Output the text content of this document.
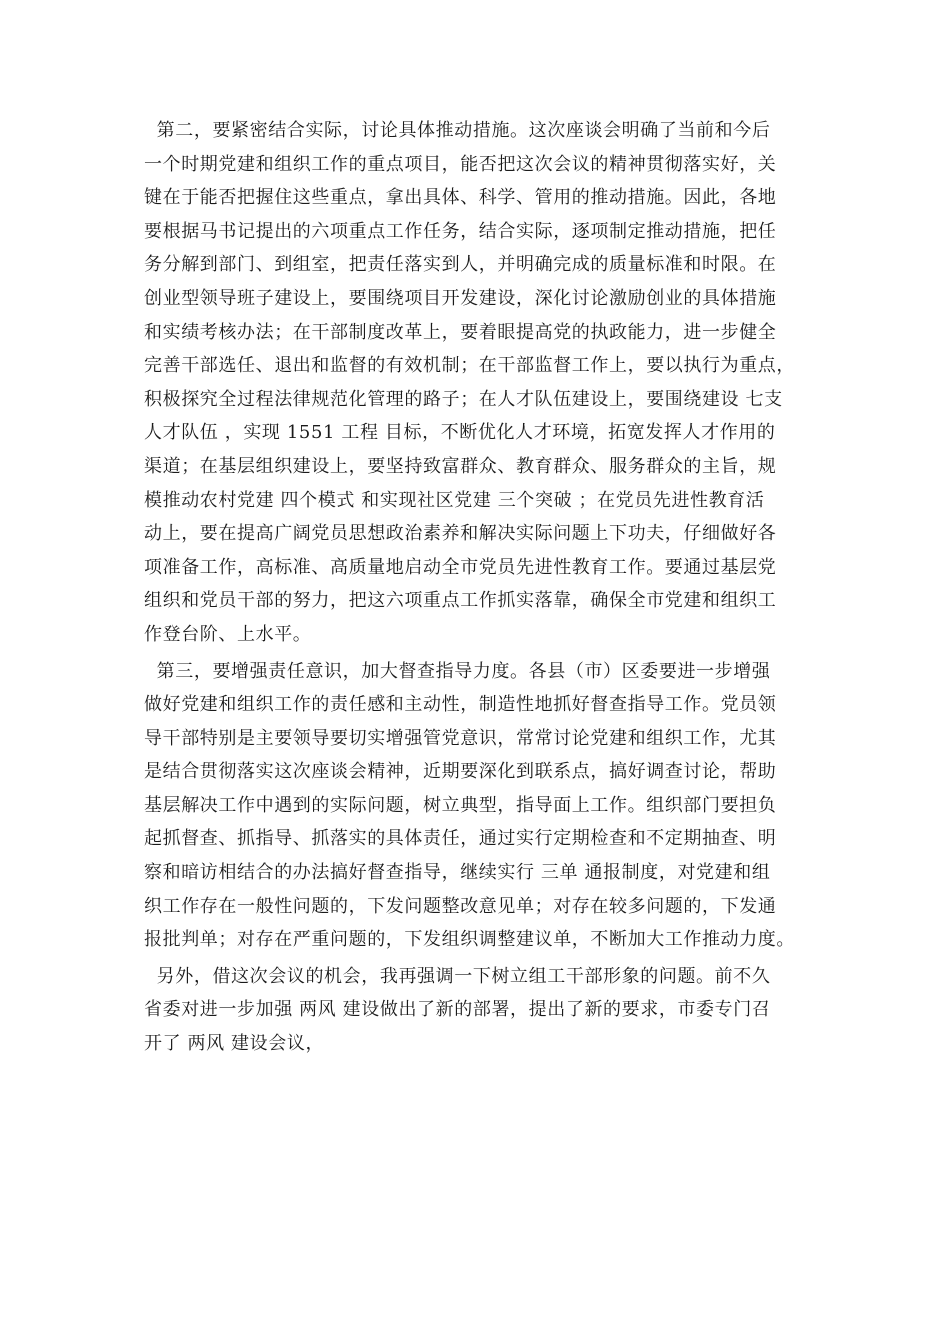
第二，要紧密结合实际，讨论具体推动措施。这次座谈会明确了当前和今后
一个时期党建和组织工作的重点项目，能否把这次会议的精神贯彻落实好，关
键在于能否把握住这些重点，拿出具体、科学、管用的推动措施。因此，各地
要根据马书记提出的六项重点工作任务，结合实际，逐项制定推动措施，把任
务分解到部门、到组室，把责任落实到人，并明确完成的质量标准和时限。在
创业型领导班子建设上，要围绕项目开发建设，深化讨论激励创业的具体措施
和实绩考核办法；在干部制度改革上，要着眼提高党的执政能力，进一步健全
完善干部选任、退出和监督的有效机制；在干部监督工作上，要以执行为重点，
积极探究全过程法律规范化管理的路子；在人才队伍建设上，要围绕建设 七支
人才队伍 ，实现 1551 工程 目标，不断优化人才环境，拓宽发挥人才作用的
渠道；在基层组织建设上，要坚持致富群众、教育群众、服务群众的主旨，规
模推动农村党建 四个模式 和实现社区党建 三个突破 ；在党员先进性教育活
动上，要在提高广阔党员思想政治素养和解决实际问题上下功夫，仔细做好各
项准备工作，高标准、高质量地启动全市党员先进性教育工作。要通过基层党
组织和党员干部的努力，把这六项重点工作抓实落靠，确保全市党建和组织工
作登台阶、上水平。
第三，要增强责任意识，加大督查指导力度。各县（市）区委要进一步增强
做好党建和组织工作的责任感和主动性，制造性地抓好督查指导工作。党员领
导干部特别是主要领导要切实增强管党意识，常常讨论党建和组织工作，尤其
是结合贯彻落实这次座谈会精神，近期要深化到联系点，搞好调查讨论，帮助
基层解决工作中遇到的实际问题，树立典型，指导面上工作。组织部门要担负
起抓督查、抓指导、抓落实的具体责任，通过实行定期检查和不定期抽查、明
察和暗访相结合的办法搞好督查指导，继续实行 三单 通报制度，对党建和组
织工作存在一般性问题的，下发问题整改意见单；对存在较多问题的，下发通
报批判单；对存在严重问题的，下发组织调整建议单，不断加大工作推动力度。
另外，借这次会议的机会，我再强调一下树立组工干部形象的问题。前不久
省委对进一步加强 两风 建设做出了新的部署，提出了新的要求，市委专门召
开了 两风 建设会议，
